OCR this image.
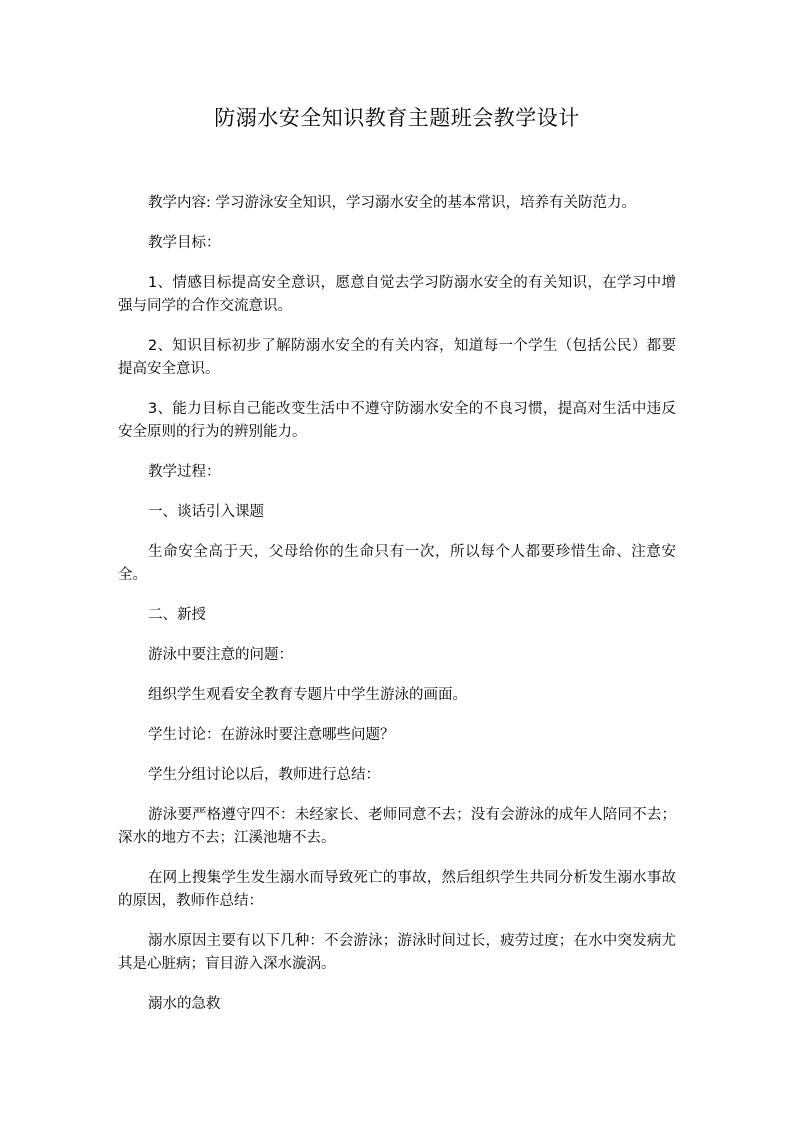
防溺水安全知识教育主题班会教学设计

教学内容: 学习游泳安全知识，学习溺水安全的基本常识，培养有关防范力。

教学目标：

1、情感目标提高安全意识，愿意自觉去学习防溺水安全的有关知识，在学习中增强与同学的合作交流意识。

2、知识目标初步了解防溺水安全的有关内容，知道每一个学生（包括公民）都要提高安全意识。

3、能力目标自己能改变生活中不遵守防溺水安全的不良习惯，提高对生活中违反安全原则的行为的辨别能力。

教学过程：

一、谈话引入课题

生命安全高于天，父母给你的生命只有一次，所以每个人都要珍惜生命、注意安全。

二、新授

游泳中要注意的问题：

组织学生观看安全教育专题片中学生游泳的画面。

学生讨论：在游泳时要注意哪些问题？

学生分组讨论以后，教师进行总结：

游泳要严格遵守四不：未经家长、老师同意不去；没有会游泳的成年人陪同不去；深水的地方不去；江溪池塘不去。

在网上搜集学生发生溺水而导致死亡的事故，然后组织学生共同分析发生溺水事故的原因，教师作总结：

溺水原因主要有以下几种：不会游泳；游泳时间过长，疲劳过度；在水中突发病尤其是心脏病；盲目游入深水漩涡。

溺水的急救
